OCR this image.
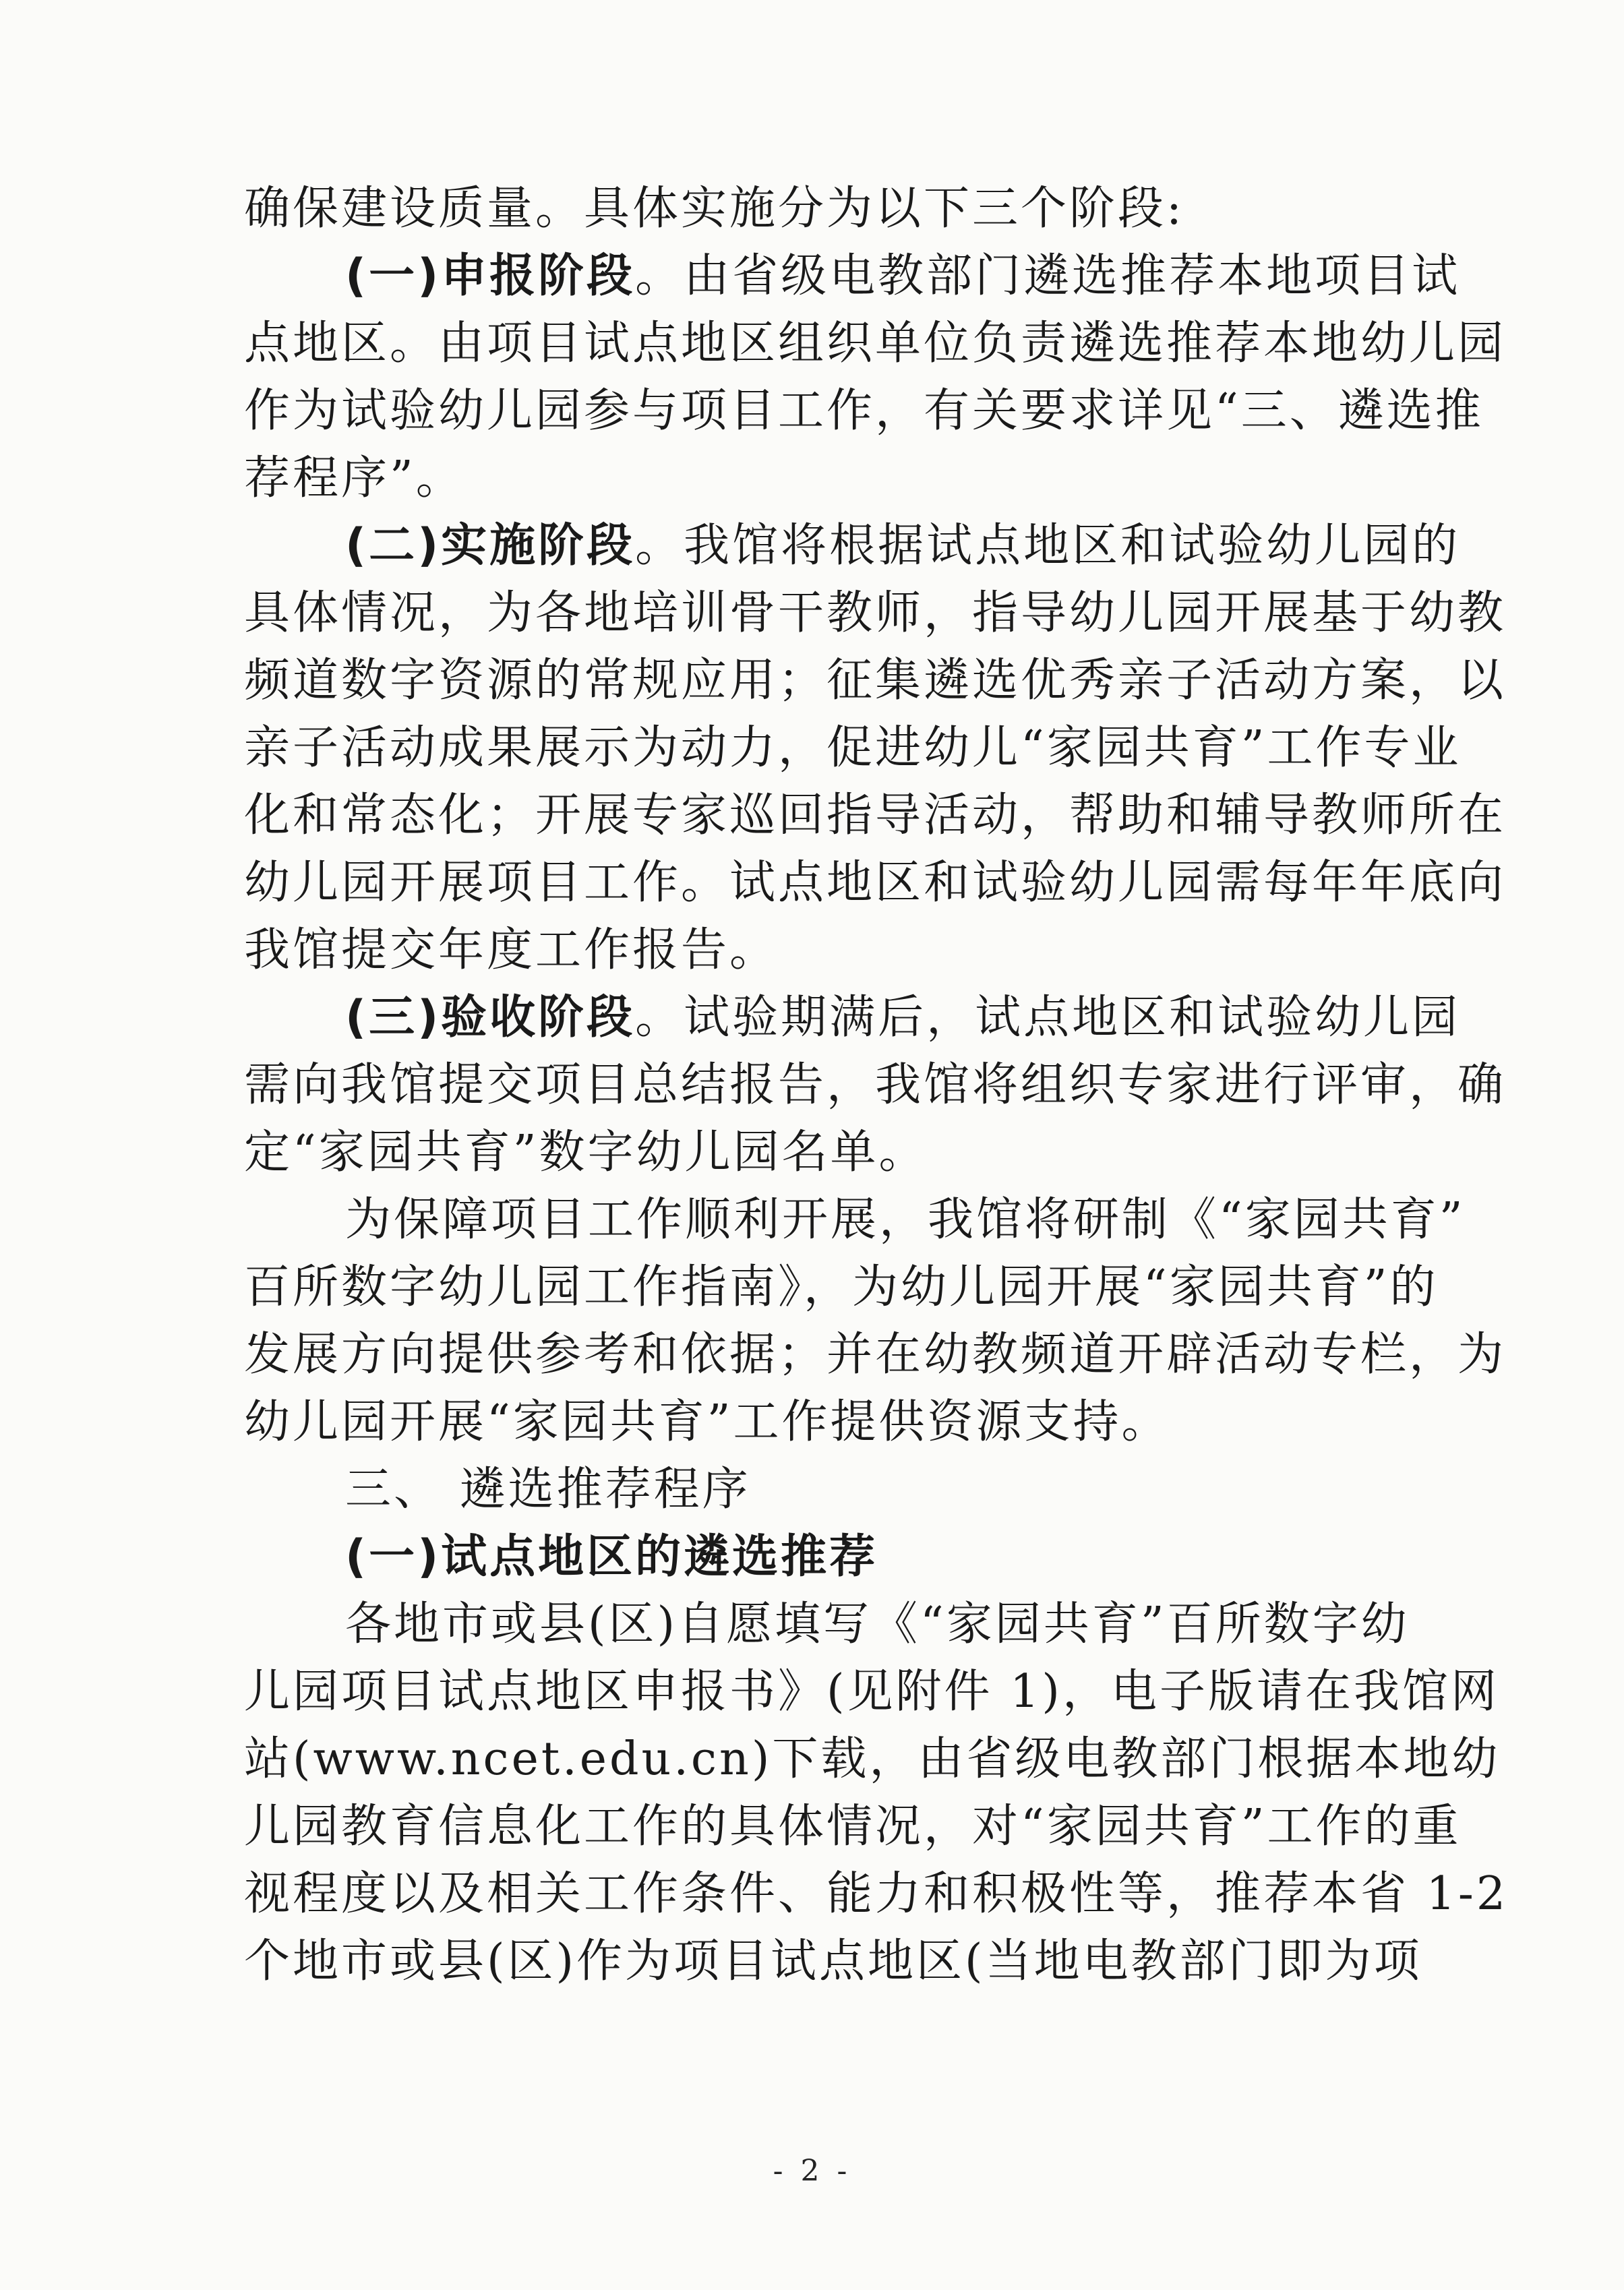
确保建设质量。具体实施分为以下三个阶段:
(一)申报阶段。由省级电教部门遴选推荐本地项目试
点地区。由项目试点地区组织单位负责遴选推荐本地幼儿园
作为试验幼儿园参与项目工作，有关要求详见“三、遴选推
荐程序”。
(二)实施阶段。我馆将根据试点地区和试验幼儿园的
具体情况，为各地培训骨干教师，指导幼儿园开展基于幼教
频道数字资源的常规应用；征集遴选优秀亲子活动方案，以
亲子活动成果展示为动力，促进幼儿“家园共育”工作专业
化和常态化；开展专家巡回指导活动，帮助和辅导教师所在
幼儿园开展项目工作。试点地区和试验幼儿园需每年年底向
我馆提交年度工作报告。
(三)验收阶段。试验期满后，试点地区和试验幼儿园
需向我馆提交项目总结报告，我馆将组织专家进行评审，确
定“家园共育”数字幼儿园名单。
为保障项目工作顺利开展，我馆将研制《“家园共育”
百所数字幼儿园工作指南》，为幼儿园开展“家园共育”的
发展方向提供参考和依据；并在幼教频道开辟活动专栏，为
幼儿园开展“家园共育”工作提供资源支持。
三、 遴选推荐程序
(一)试点地区的遴选推荐
各地市或县(区)自愿填写《“家园共育”百所数字幼
儿园项目试点地区申报书》(见附件 1)，电子版请在我馆网
站(www.ncet.edu.cn)下载，由省级电教部门根据本地幼
儿园教育信息化工作的具体情况，对“家园共育”工作的重
视程度以及相关工作条件、能力和积极性等，推荐本省 1-2
个地市或县(区)作为项目试点地区(当地电教部门即为项
- 2 -
